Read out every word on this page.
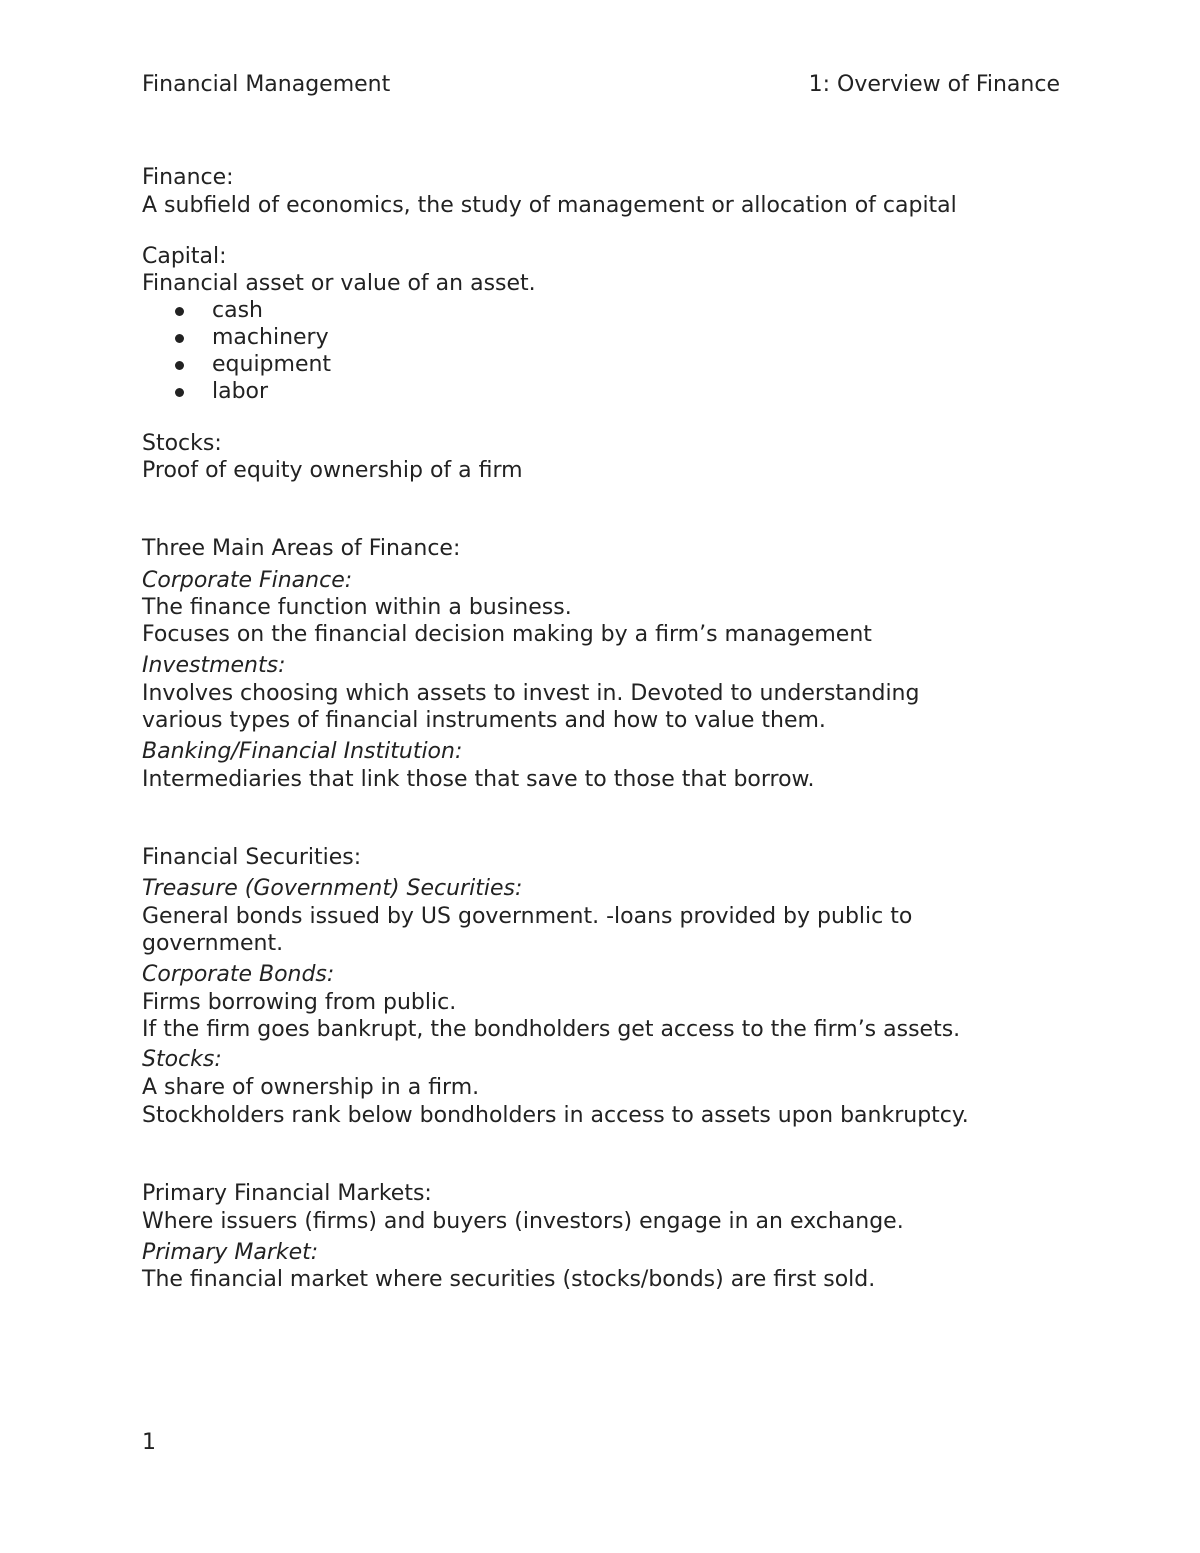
Financial Management	1: Overview of Finance
Finance:
A subfield of economics, the study of management or allocation of capital
Capital:
Financial asset or value of an asset.
cash
machinery
equipment
labor
Stocks:
Proof of equity ownership of a firm
Three Main Areas of Finance:
Corporate Finance:
The finance function within a business.
Focuses on the financial decision making by a firm’s management
Investments:
Involves choosing which assets to invest in. Devoted to understanding
various types of financial instruments and how to value them.
Banking/Financial Institution:
Intermediaries that link those that save to those that borrow.
Financial Securities:
Treasure (Government) Securities:
General bonds issued by US government. -loans provided by public to
government.
Corporate Bonds:
Firms borrowing from public.
If the firm goes bankrupt, the bondholders get access to the firm’s assets.
Stocks:
A share of ownership in a firm.
Stockholders rank below bondholders in access to assets upon bankruptcy.
Primary Financial Markets:
Where issuers (firms) and buyers (investors) engage in an exchange.
Primary Market:
The financial market where securities (stocks/bonds) are first sold.
1
